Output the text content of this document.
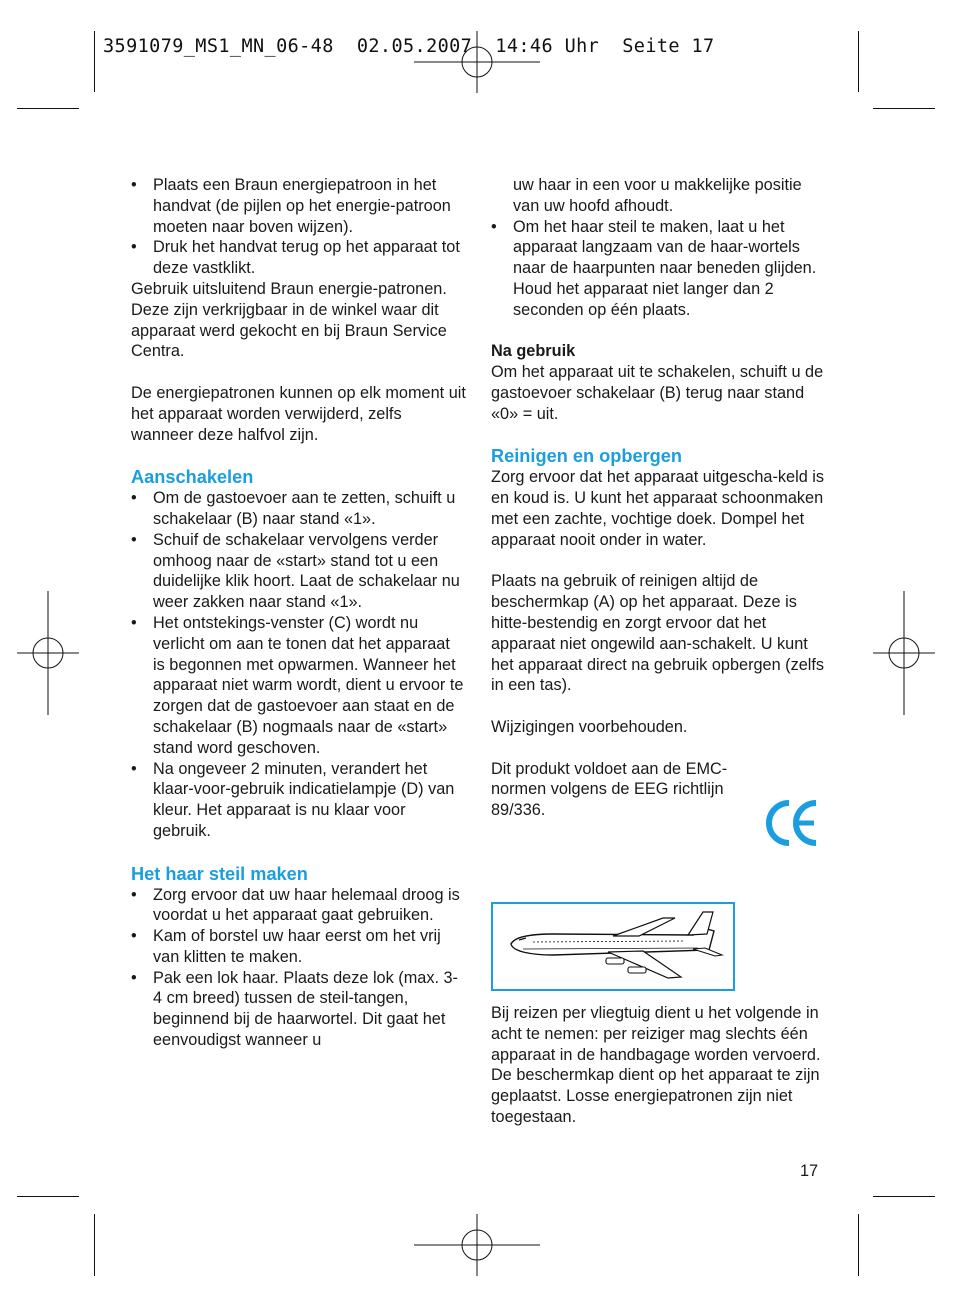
3591079_MS1_MN_06-48 02.05.2007 14:46 Uhr Seite 17
• Plaats een Braun energiepatroon in het handvat (de pijlen op het energie-patroon moeten naar boven wijzen).
• Druk het handvat terug op het apparaat tot deze vastklikt.

Gebruik uitsluitend Braun energie-patronen. Deze zijn verkrijgbaar in de winkel waar dit apparaat werd gekocht en bij Braun Service Centra.

De energiepatronen kunnen op elk moment uit het apparaat worden verwijderd, zelfs wanneer deze halfvol zijn.

Aanschakelen
• Om de gastoevoer aan te zetten, schuift u schakelaar (B) naar stand «1».
• Schuif de schakelaar vervolgens verder omhoog naar de «start» stand tot u een duidelijke klik hoort. Laat de schakelaar nu weer zakken naar stand «1».
• Het ontstekings-venster (C) wordt nu verlicht om aan te tonen dat het apparaat is begonnen met opwarmen. Wanneer het apparaat niet warm wordt, dient u ervoor te zorgen dat de gastoevoer aan staat en de schakelaar (B) nogmaals naar de «start» stand word geschoven.
• Na ongeveer 2 minuten, verandert het klaar-voor-gebruik indicatielampje (D) van kleur. Het apparaat is nu klaar voor gebruik.
Het haar steil maken
• Zorg ervoor dat uw haar helemaal droog is voordat u het apparaat gaat gebruiken.
• Kam of borstel uw haar eerst om het vrij van klitten te maken.
• Pak een lok haar. Plaats deze lok (max. 3-4 cm breed) tussen de steil-tangen, beginnend bij de haarwortel. Dit gaat het eenvoudigst wanneer u
uw haar in een voor u makkelijke positie van uw hoofd afhoudt.
• Om het haar steil te maken, laat u het apparaat langzaam van de haar-wortels naar de haarpunten naar beneden glijden. Houd het apparaat niet langer dan 2 seconden op één plaats.

Na gebruik

Om het apparaat uit te schakelen, schuift u de gastoevoer schakelaar (B) terug naar stand «0» = uit.

Reinigen en opbergen

Zorg ervoor dat het apparaat uitgescha-keld is en koud is. U kunt het apparaat schoonmaken met een zachte, vochtige doek. Dompel het apparaat nooit onder in water.

Plaats na gebruik of reinigen altijd de beschermkap (A) op het apparaat. Deze is hitte-bestendig en zorgt ervoor dat het apparaat niet ongewild aan-schakelt. U kunt het apparaat direct na gebruik opbergen (zelfs in een tas).

Wijzigingen voorbehouden.

Dit produkt voldoet aan de EMC-normen volgens de EEG richtlijn 89/336.

Bij reizen per vliegtuig dient u het volgende in acht te nemen: per reiziger mag slechts één apparaat in de handbagage worden vervoerd. De beschermkap dient op het apparaat te zijn geplaatst. Losse energiepatronen zijn niet toegestaan.

17
